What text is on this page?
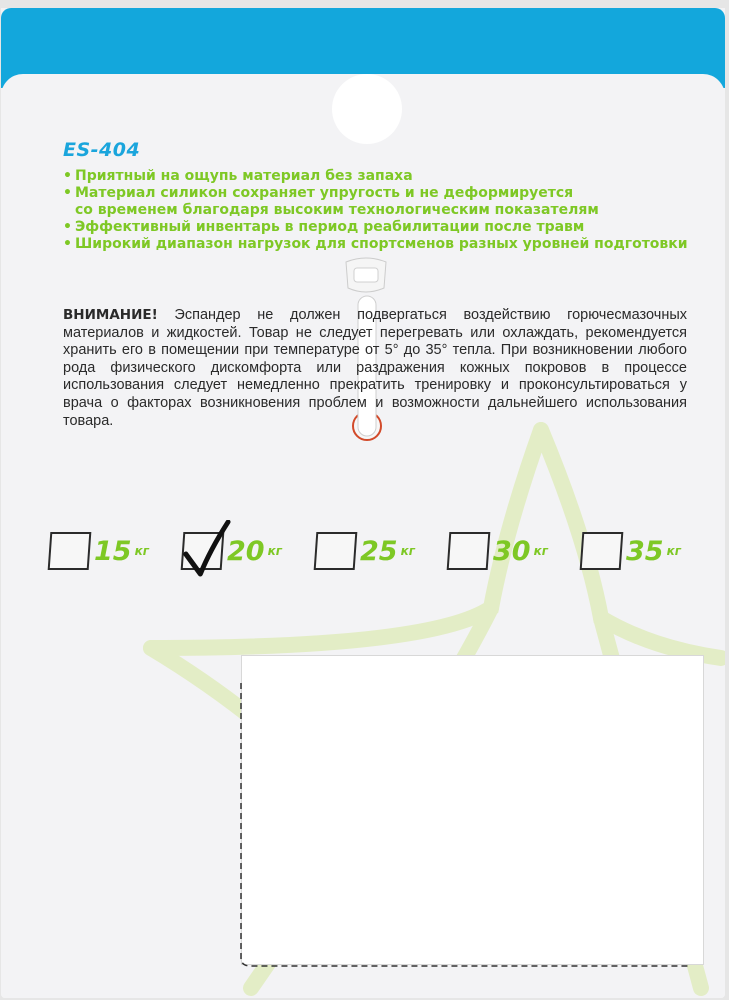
ES-404
• Приятный на ощупь материал без запаха
• Материал силикон сохраняет упругость и не деформируется
со временем благодаря высоким технологическим показателям
• Эффективный инвентарь в период реабилитации после травм
• Широкий диапазон нагрузок для спортсменов разных уровней подготовки
ВНИМАНИЕ! Эспандер не должен подвергаться воздействию горючесмазочных материалов и жидкостей. Товар не следует перегревать или охлаждать, рекомендуется хранить его в помещении при температуре от 5° до 35° тепла. При возникновении любого рода физического дискомфорта или раздражения кожных покровов в процессе использования следует немедленно прекратить тренировку и проконсультироваться у врача о факторах возникновения проблем и возможности дальнейшего использования товара.
15 кг	20 кг	25 кг	30 кг	35 кг
